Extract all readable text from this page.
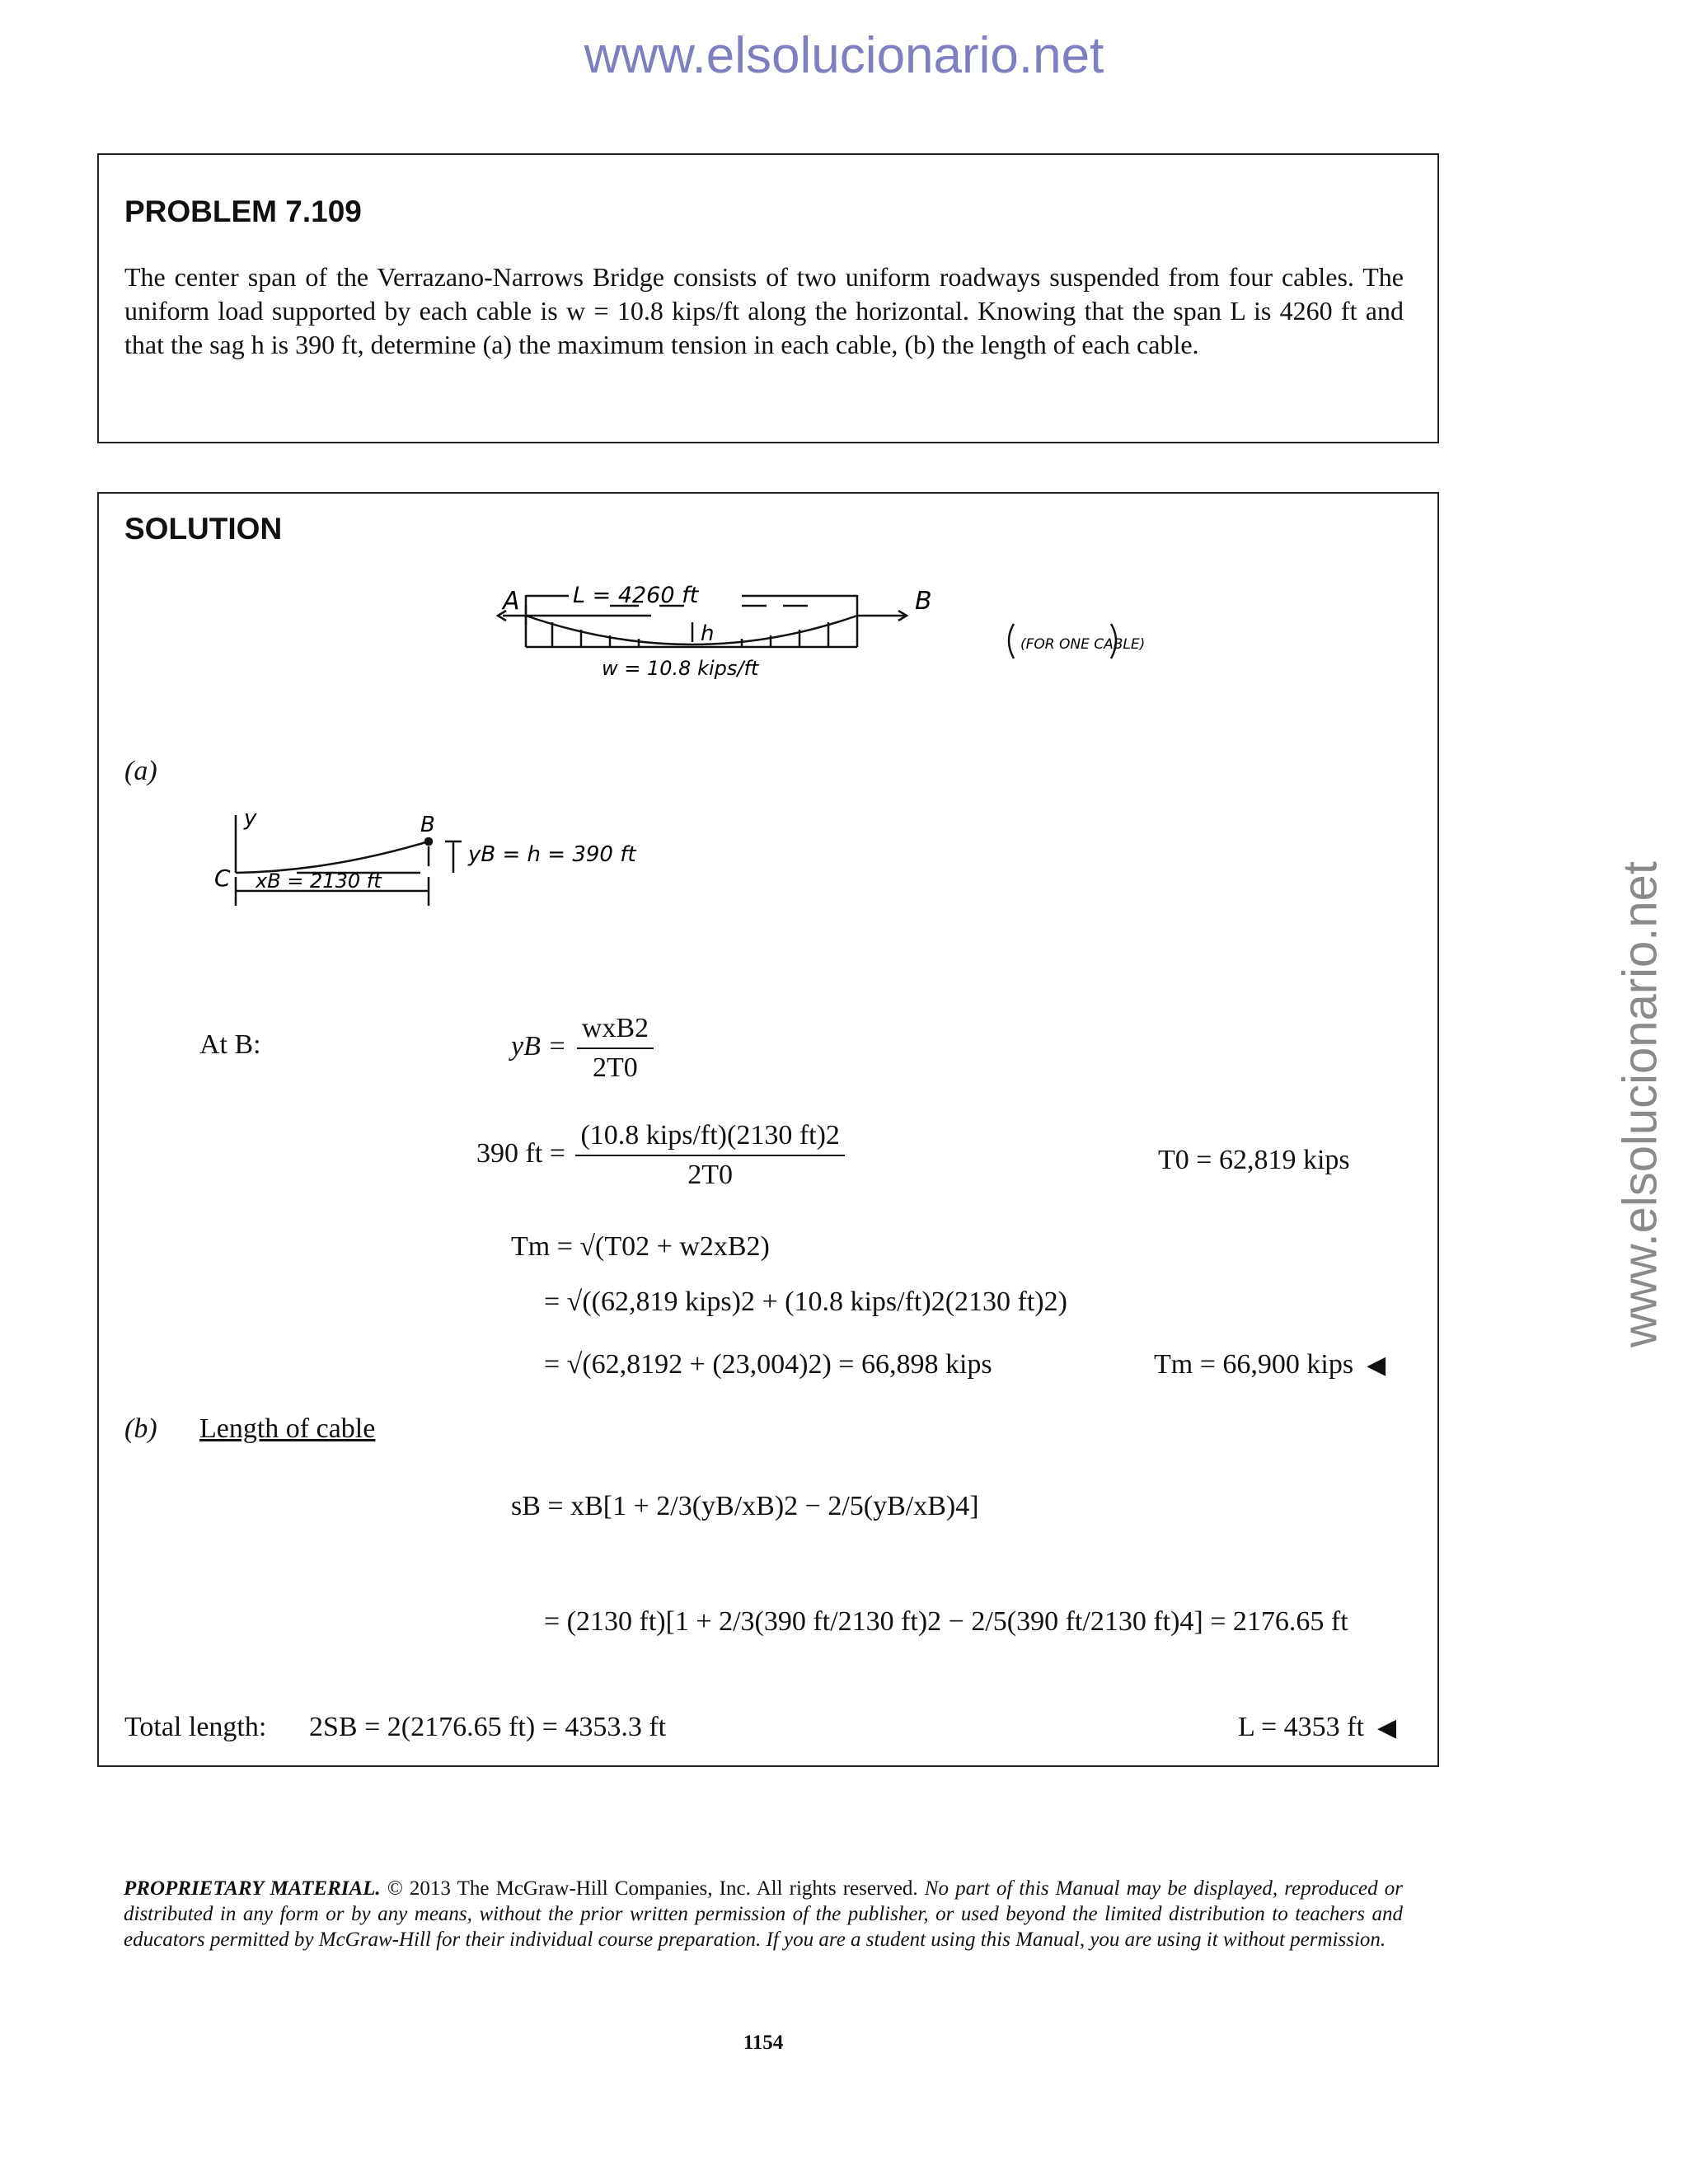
www.elsolucionario.net
www.elsolucionario.net
PROBLEM 7.109
The center span of the Verrazano-Narrows Bridge consists of two uniform roadways suspended from four cables. The uniform load supported by each cable is w = 10.8 kips/ft along the horizontal. Knowing that the span L is 4260 ft and that the sag h is 390 ft, determine (a) the maximum tension in each cable, (b) the length of each cable.
SOLUTION
A	B
L = 4260 ft
h
w = 10.8 kips/ft
(FOR ONE CABLE)
(a)
y
C
B
xB = 2130 ft
yB = h = 390 ft
At B:	yB = $\frac{\text{wxB2}}{2T0}$
390 ft = $\frac{\text{(10.8 kips/ft)(2130 ft)2}}{2T0}$	T0 = 62,819 kips
Tm = √(T02 + w2xB2)
= √((62,819 kips)2 + (10.8 kips/ft)2(2130 ft)2)
= √(62,8192 + (23,004)2) = 66,898 kips	Tm = 66,900 kips ◀
(b) Length of cable
sB = xB[1 + 2/3(yB/xB)2 − 2/5(yB/xB)4]
= (2130 ft)[1 + 2/3(390 ft/2130 ft)2 − 2/5(390 ft/2130 ft)4] = 2176.65 ft
Total length: 2SB = 2(2176.65 ft) = 4353.3 ft	L = 4353 ft ◀
PROPRIETARY MATERIAL. © 2013 The McGraw-Hill Companies, Inc. All rights reserved. No part of this Manual may be displayed, reproduced or distributed in any form or by any means, without the prior written permission of the publisher, or used beyond the limited distribution to teachers and educators permitted by McGraw-Hill for their individual course preparation. If you are a student using this Manual, you are using it without permission.
1154
